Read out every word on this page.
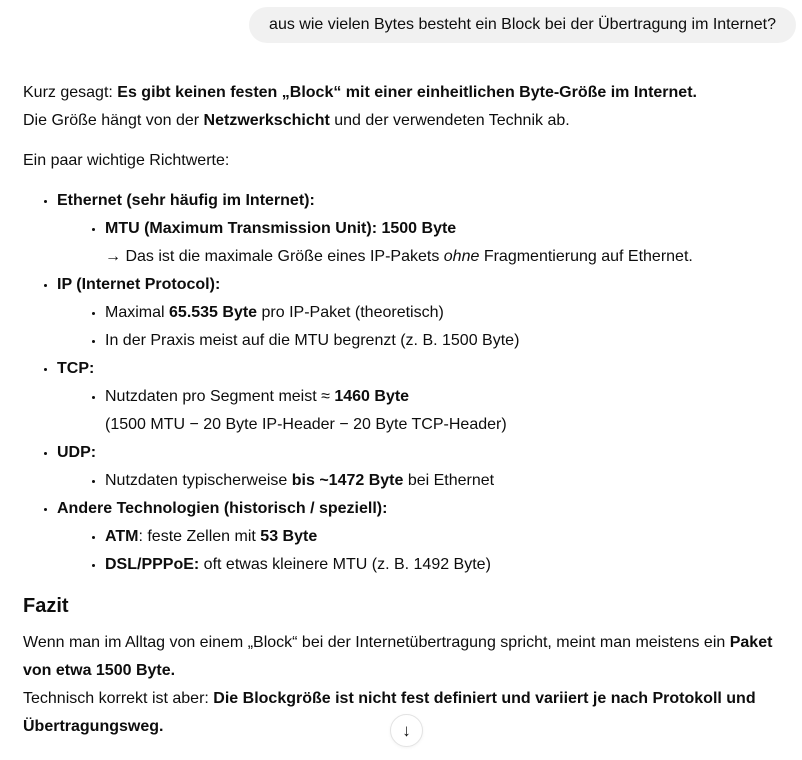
aus wie vielen Bytes besteht ein Block bei der Übertragung im Internet?

Kurz gesagt: Es gibt keinen festen „Block“ mit einer einheitlichen Byte-Größe im Internet.
Die Größe hängt von der Netzwerkschicht und der verwendeten Technik ab.

Ein paar wichtige Richtwerte:

• Ethernet (sehr häufig im Internet):
• MTU (Maximum Transmission Unit): 1500 Byte
→ Das ist die maximale Größe eines IP-Pakets ohne Fragmentierung auf Ethernet.
• IP (Internet Protocol):
• Maximal 65.535 Byte pro IP-Paket (theoretisch)
• In der Praxis meist auf die MTU begrenzt (z. B. 1500 Byte)
• TCP:
• Nutzdaten pro Segment meist ≈ 1460 Byte
(1500 MTU − 20 Byte IP-Header − 20 Byte TCP-Header)
• UDP:
• Nutzdaten typischerweise bis ~1472 Byte bei Ethernet
• Andere Technologien (historisch / speziell):
• ATM: feste Zellen mit 53 Byte
• DSL/PPPoE: oft etwas kleinere MTU (z. B. 1492 Byte)
Fazit

Wenn man im Alltag von einem „Block“ bei der Internetübertragung spricht, meint man meistens ein Paket von etwa 1500 Byte.
Technisch korrekt ist aber: Die Blockgröße ist nicht fest definiert und variiert je nach Protokoll und Übertragungsweg.	↓
